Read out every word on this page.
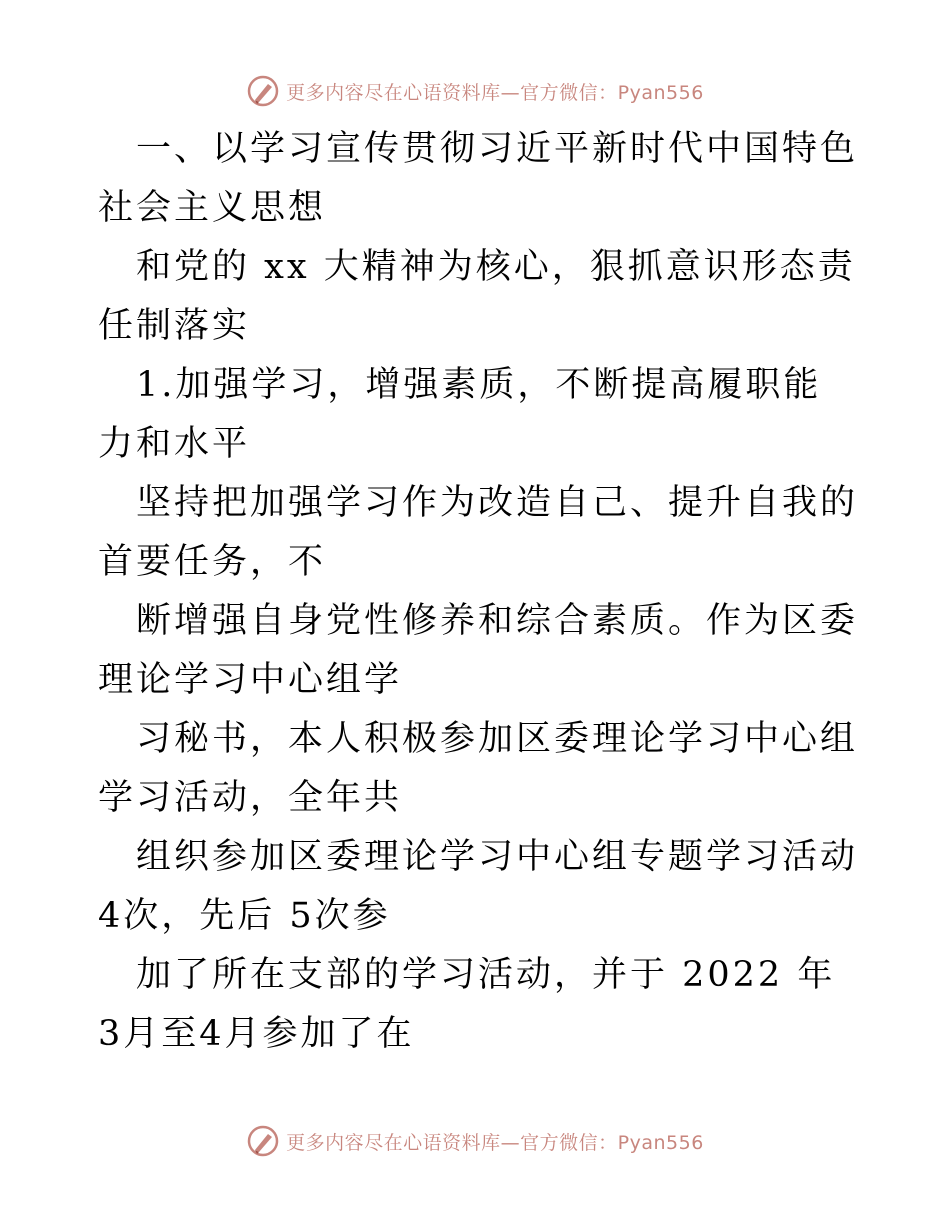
更多内容尽在心语资料库—官方微信：Pyan556

一、以学习宣传贯彻习近平新时代中国特色社会主义思想

和党的 xx 大精神为核心，狠抓意识形态责任制落实

1.加强学习，增强素质，不断提高履职能力和水平

坚持把加强学习作为改造自己、提升自我的首要任务，不

断增强自身党性修养和综合素质。作为区委理论学习中心组学

习秘书，本人积极参加区委理论学习中心组学习活动，全年共

组织参加区委理论学习中心组专题学习活动 4次，先后 5次参

加了所在支部的学习活动，并于 2022 年3月至4月参加了在

更多内容尽在心语资料库—官方微信：Pyan556
